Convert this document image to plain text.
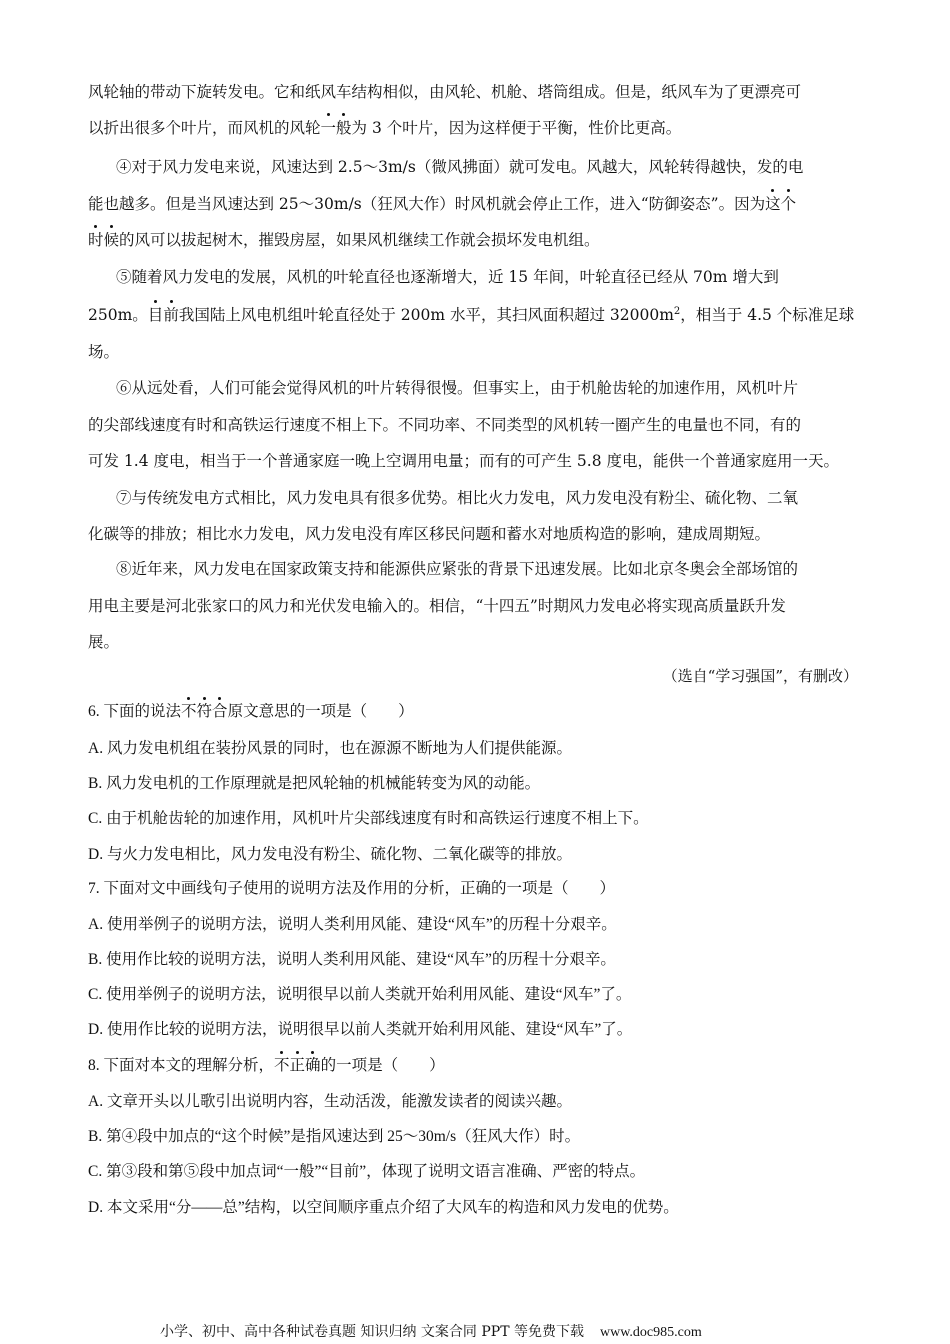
风轮轴的带动下旋转发电。它和纸风车结构相似，由风轮、机舱、塔筒组成。但是，纸风车为了更漂亮可

以折出很多个叶片，而风机的风轮一般为 3 个叶片，因为这样便于平衡，性价比更高。

④对于风力发电来说，风速达到 2.5～3m/s（微风拂面）就可发电。风越大，风轮转得越快，发的电

能也越多。但是当风速达到 25～30m/s（狂风大作）时风机就会停止工作，进入“防御姿态”。因为这个

时候的风可以拔起树木，摧毁房屋，如果风机继续工作就会损坏发电机组。

⑤随着风力发电的发展，风机的叶轮直径也逐渐增大，近 15 年间，叶轮直径已经从 70m 增大到

250m。目前我国陆上风电机组叶轮直径处于 200m 水平，其扫风面积超过 $32000m^2$，相当于 4.5 个标准足球

场。

⑥从远处看，人们可能会觉得风机的叶片转得很慢。但事实上，由于机舱齿轮的加速作用，风机叶片

的尖部线速度有时和高铁运行速度不相上下。不同功率、不同类型的风机转一圈产生的电量也不同，有的

可发 1.4 度电，相当于一个普通家庭一晚上空调用电量；而有的可产生 5.8 度电，能供一个普通家庭用一天。

⑦与传统发电方式相比，风力发电具有很多优势。相比火力发电，风力发电没有粉尘、硫化物、二氧

化碳等的排放；相比水力发电，风力发电没有库区移民问题和蓄水对地质构造的影响，建成周期短。

⑧近年来，风力发电在国家政策支持和能源供应紧张的背景下迅速发展。比如北京冬奥会全部场馆的

用电主要是河北张家口的风力和光伏发电输入的。相信，“十四五”时期风力发电必将实现高质量跃升发

展。

（选自“学习强国”，有删改）

6. 下面的说法不符合原文意思的一项是（　　）

A. 风力发电机组在装扮风景的同时，也在源源不断地为人们提供能源。

B. 风力发电机的工作原理就是把风轮轴的机械能转变为风的动能。

C. 由于机舱齿轮的加速作用，风机叶片尖部线速度有时和高铁运行速度不相上下。

D. 与火力发电相比，风力发电没有粉尘、硫化物、二氧化碳等的排放。

7. 下面对文中画线句子使用的说明方法及作用的分析，正确的一项是（　　）

A. 使用举例子的说明方法，说明人类利用风能、建设“风车”的历程十分艰辛。

B. 使用作比较的说明方法，说明人类利用风能、建设“风车”的历程十分艰辛。

C. 使用举例子的说明方法，说明很早以前人类就开始利用风能、建设“风车”了。

D. 使用作比较的说明方法，说明很早以前人类就开始利用风能、建设“风车”了。

8. 下面对本文的理解分析，不正确的一项是（　　）

A. 文章开头以儿歌引出说明内容，生动活泼，能激发读者的阅读兴趣。

B. 第④段中加点的“这个时候”是指风速达到 25～30m/s（狂风大作）时。

C. 第③段和第⑤段中加点词“一般”“目前”，体现了说明文语言准确、严密的特点。

D. 本文采用“分——总”结构，以空间顺序重点介绍了大风车的构造和风力发电的优势。

小学、初中、高中各种试卷真题 知识归纳 文案合同 PPT 等免费下载 www.doc985.com
